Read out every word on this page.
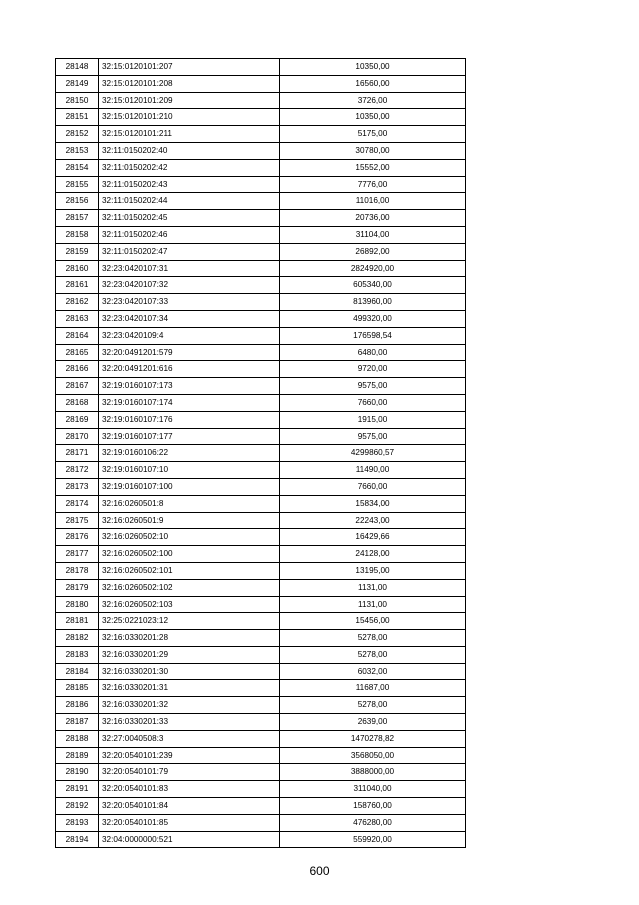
28148	32:15:0120101:207	10350,00
28149	32:15:0120101:208	16560,00
28150	32:15:0120101:209	3726,00
28151	32:15:0120101:210	10350,00
28152	32:15:0120101:211	5175,00
28153	32:11:0150202:40	30780,00
28154	32:11:0150202:42	15552,00
28155	32:11:0150202:43	7776,00
28156	32:11:0150202:44	11016,00
28157	32:11:0150202:45	20736,00
28158	32:11:0150202:46	31104,00
28159	32:11:0150202:47	26892,00
28160	32:23:0420107:31	2824920,00
28161	32:23:0420107:32	605340,00
28162	32:23:0420107:33	813960,00
28163	32:23:0420107:34	499320,00
28164	32:23:0420109:4	176598,54
28165	32:20:0491201:579	6480,00
28166	32:20:0491201:616	9720,00
28167	32:19:0160107:173	9575,00
28168	32:19:0160107:174	7660,00
28169	32:19:0160107:176	1915,00
28170	32:19:0160107:177	9575,00
28171	32:19:0160106:22	4299860,57
28172	32:19:0160107:10	11490,00
28173	32:19:0160107:100	7660,00
28174	32:16:0260501:8	15834,00
28175	32:16:0260501:9	22243,00
28176	32:16:0260502:10	16429,66
28177	32:16:0260502:100	24128,00
28178	32:16:0260502:101	13195,00
28179	32:16:0260502:102	1131,00
28180	32:16:0260502:103	1131,00
28181	32:25:0221023:12	15456,00
28182	32:16:0330201:28	5278,00
28183	32:16:0330201:29	5278,00
28184	32:16:0330201:30	6032,00
28185	32:16:0330201:31	11687,00
28186	32:16:0330201:32	5278,00
28187	32:16:0330201:33	2639,00
28188	32:27:0040508:3	1470278,82
28189	32:20:0540101:239	3568050,00
28190	32:20:0540101:79	3888000,00
28191	32:20:0540101:83	311040,00
28192	32:20:0540101:84	158760,00
28193	32:20:0540101:85	476280,00
28194	32:04:0000000:521	559920,00
600
